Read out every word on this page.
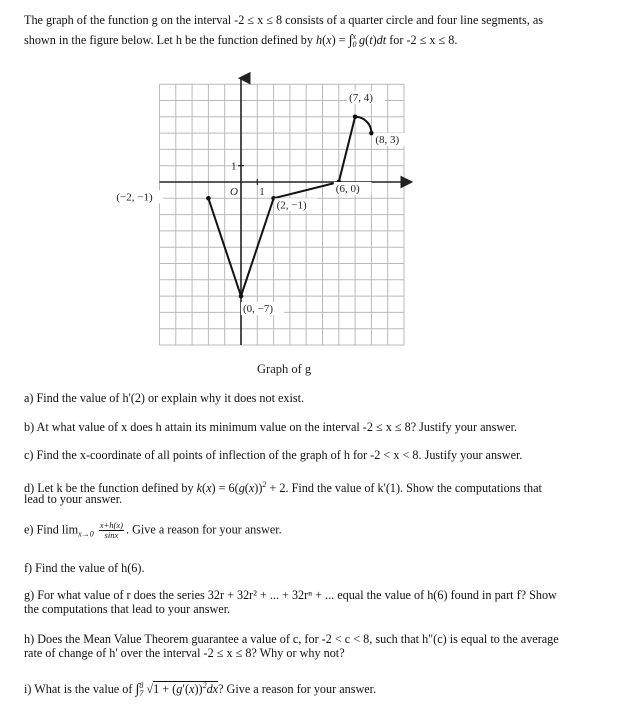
The graph of the function g on the interval -2 ≤ x ≤ 8 consists of a quarter circle and four line segments, as
shown in the figure below. Let h be the function defined by $h(x) = \int_0^x$ g(t)dt for -2 ≤ x ≤ 8.
(−2, −1)
(0, −7)
(2, −1)
(6, 0)
(7, 4)
(8, 3)
O 1
1
Graph of g
a) Find the value of h'(2) or explain why it does not exist.
b) At what value of x does h attain its minimum value on the interval -2 ≤ x ≤ 8? Justify your answer.
c) Find the x-coordinate of all points of inflection of the graph of h for -2 < x < 8. Justify your answer.
d) Let k be the function defined by $k(x) = 6(g(x))^2 + 2$. Find the value of k'(1). Show the computations that
lead to your answer.
e) Find $\lim_{x\to 0} \frac{x+h(x)}{\sin x}$ . Give a reason for your answer.
f) Find the value of h(6).
g) For what value of r does the series 32r + 32r² + ... + 32rⁿ + ... equal the value of h(6) found in part f? Show
the computations that lead to your answer.
h) Does the Mean Value Theorem guarantee a value of c, for -2 < c < 8, such that h"(c) is equal to the average
rate of change of h' over the interval -2 ≤ x ≤ 8? Why or why not?
i) What is the value of $\int_7^8$ $√1 + (g'(x))^2dx$? Give a reason for your answer.
